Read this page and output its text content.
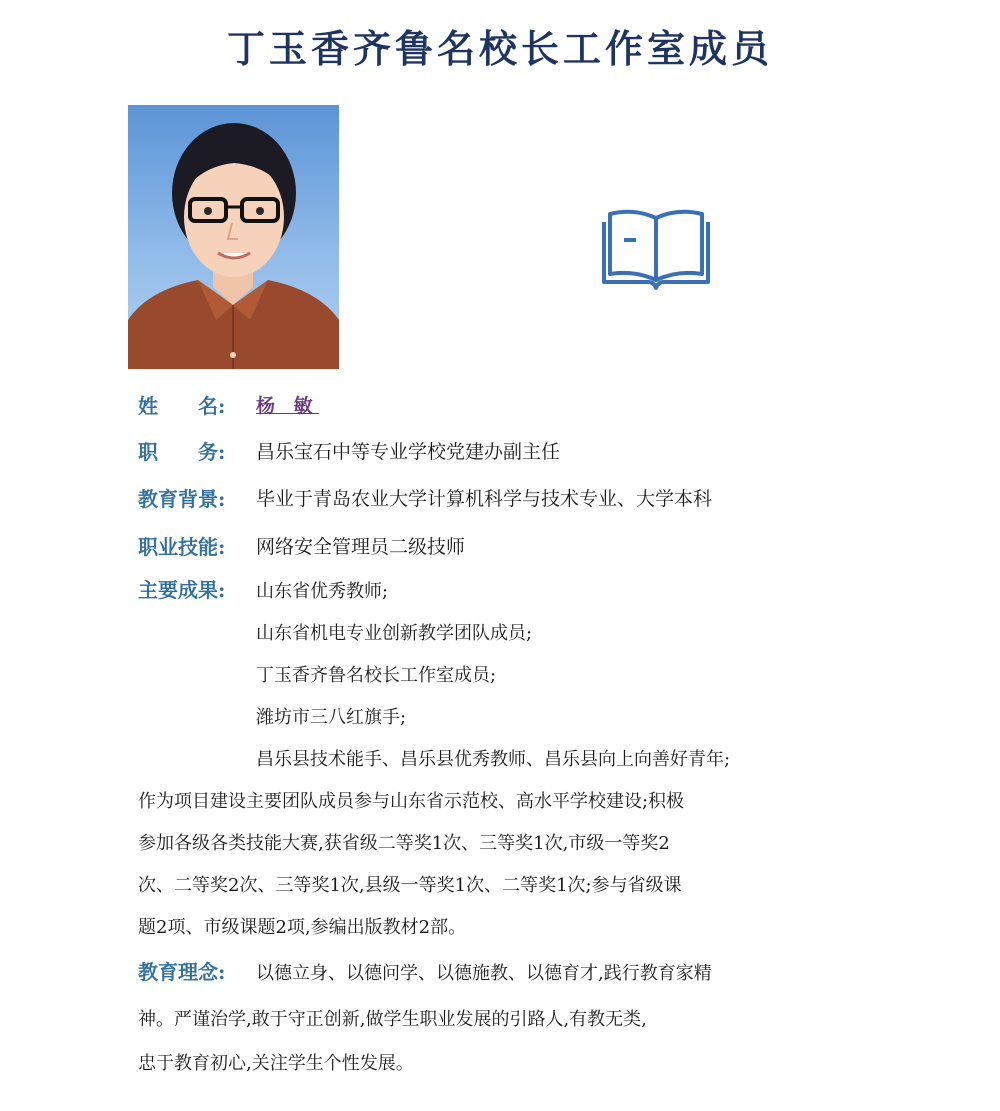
丁玉香齐鲁名校长工作室成员
姓　　名: 杨 敏
职　　务: 昌乐宝石中等专业学校党建办副主任
教育背景: 毕业于青岛农业大学计算机科学与技术专业、大学本科
职业技能: 网络安全管理员二级技师
主要成果: 山东省优秀教师;
山东省机电专业创新教学团队成员;
丁玉香齐鲁名校长工作室成员;
潍坊市三八红旗手;
昌乐县技术能手、昌乐县优秀教师、昌乐县向上向善好青年;
作为项目建设主要团队成员参与山东省示范校、高水平学校建设;积极
参加各级各类技能大赛,获省级二等奖1次、三等奖1次,市级一等奖2
次、二等奖2次、三等奖1次,县级一等奖1次、二等奖1次;参与省级课
题2项、市级课题2项,参编出版教材2部。
教育理念: 以德立身、以德问学、以德施教、以德育才,践行教育家精
神。严谨治学,敢于守正创新,做学生职业发展的引路人,有教无类,
忠于教育初心,关注学生个性发展。
